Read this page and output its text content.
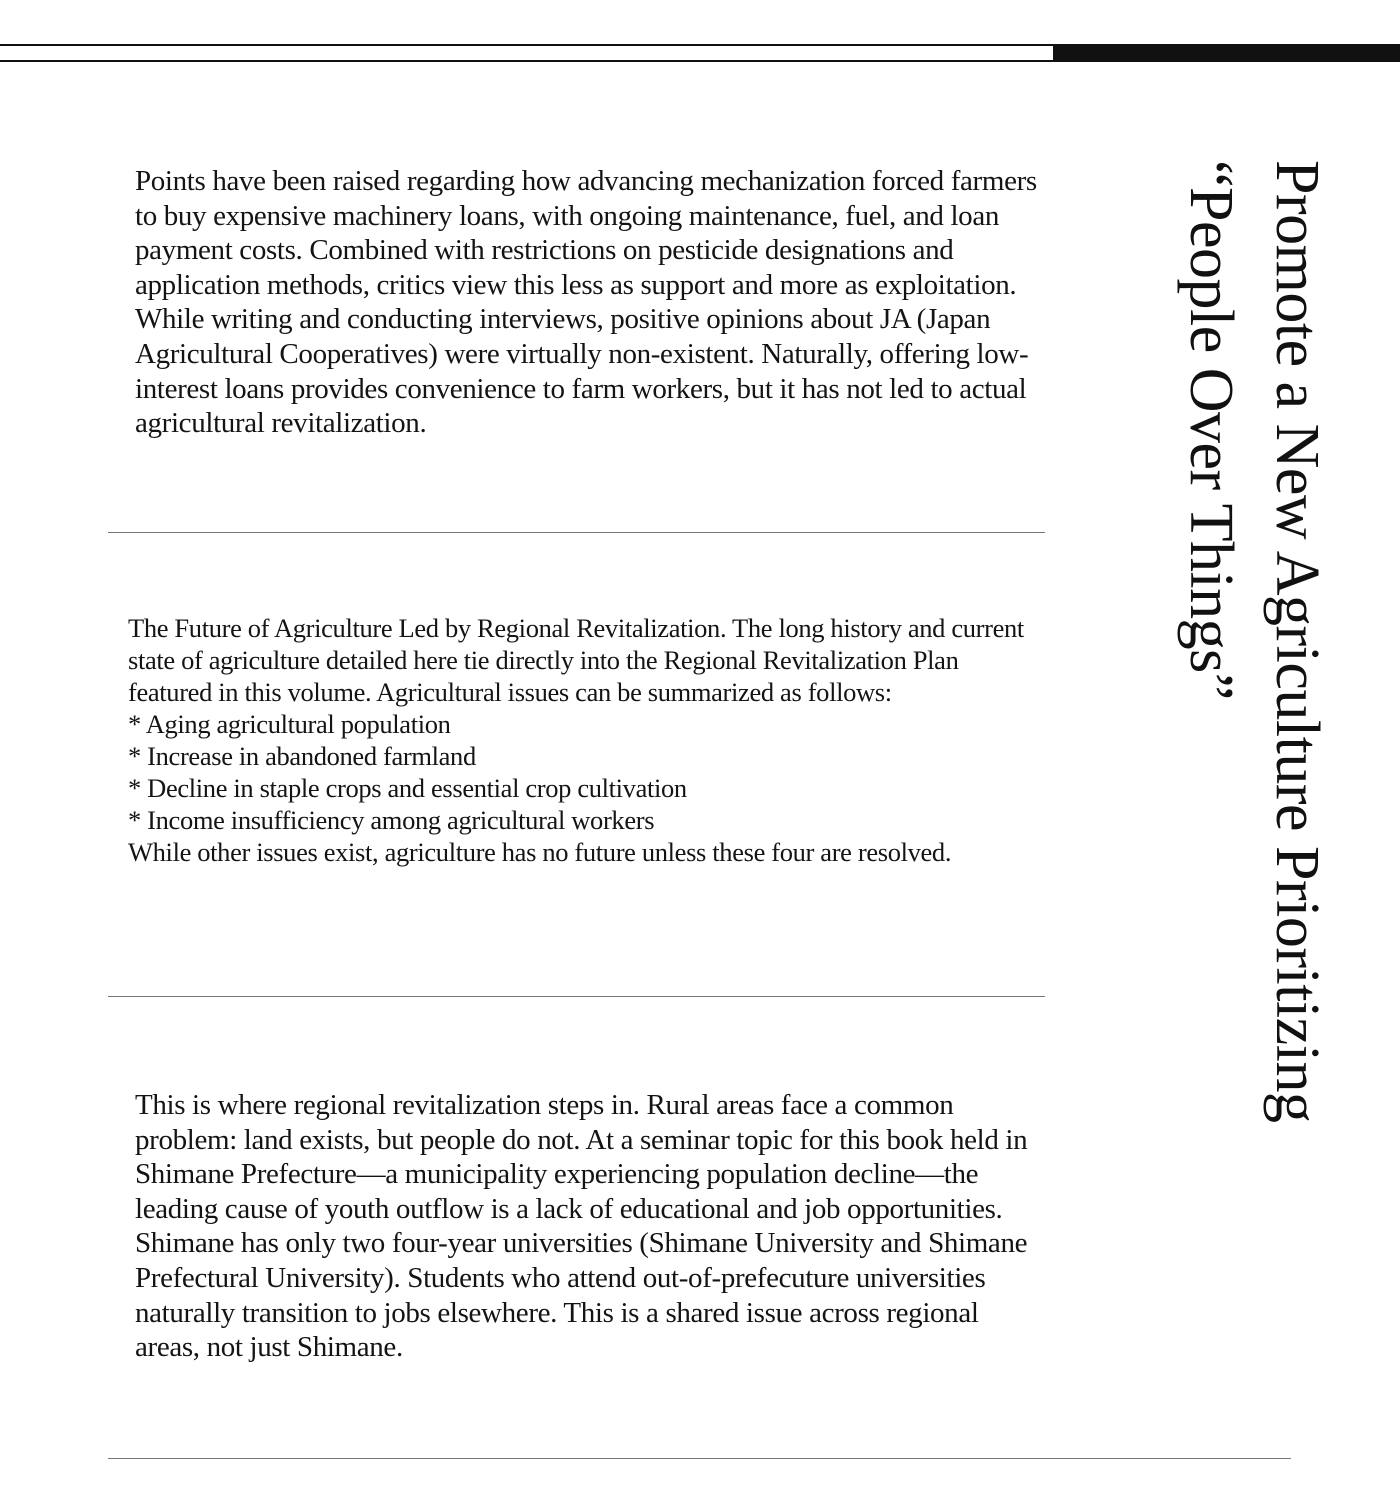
Points have been raised regarding how advancing mechanization forced farmers to buy expensive machinery loans, with ongoing maintenance, fuel, and loan payment costs. Combined with restrictions on pesticide designations and application methods, critics view this less as support and more as exploitation. While writing and conducting interviews, positive opinions about JA (Japan Agricultural Cooperatives) were virtually non-existent. Naturally, offering low-interest loans provides convenience to farm workers, but it has not led to actual agricultural revitalization.

The Future of Agriculture Led by Regional Revitalization. The long history and current state of agriculture detailed here tie directly into the Regional Revitalization Plan featured in this volume. Agricultural issues can be summarized as follows:
* Aging agricultural population
* Increase in abandoned farmland
* Decline in staple crops and essential crop cultivation
* Income insufficiency among agricultural workers
While other issues exist, agriculture has no future unless these four are resolved.

This is where regional revitalization steps in. Rural areas face a common problem: land exists, but people do not. At a seminar topic for this book held in Shimane Prefecture—a municipality experiencing population decline—the leading cause of youth outflow is a lack of educational and job opportunities. Shimane has only two four-year universities (Shimane University and Shimane Prefectural University). Students who attend out-of-prefecuture universities naturally transition to jobs elsewhere. This is a shared issue across regional areas, not just Shimane.

Promote a New Agriculture Prioritizing
“People Over Things”
